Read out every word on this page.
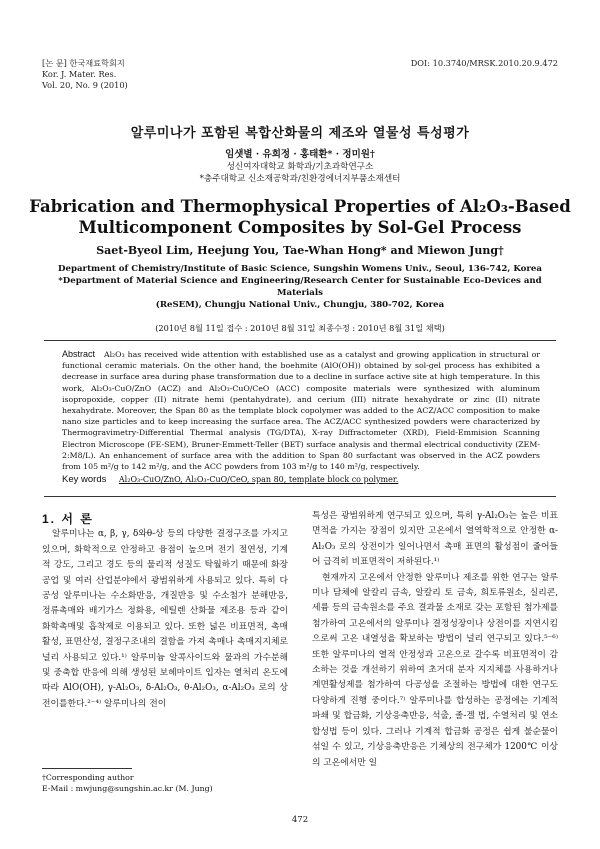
[논 문] 한국재료학회지
Kor. J. Mater. Res.
Vol. 20, No. 9 (2010)
DOI: 10.3740/MRSK.2010.20.9.472
알루미나가 포함된 복합산화물의 제조와 열물성 특성평가
임샛별 · 유희정 · 홍태환* · 정미원†
성신여자대학교 화학과/기초과학연구소
*충주대학교 신소재공학과/친환경에너지부품소재센터
Fabrication and Thermophysical Properties of Al₂O₃-Based
Multicomponent Composites by Sol-Gel Process
Saet-Byeol Lim, Heejung You, Tae-Whan Hong* and Miewon Jung†
Department of Chemistry/Institute of Basic Science, Sungshin Womens Univ., Seoul, 136-742, Korea
*Department of Material Science and Engineering/Research Center for Sustainable Eco-Devices and Materials
(ReSEM), Chungju National Univ., Chungju, 380-702, Korea
(2010년 8월 11일 접수 : 2010년 8월 31일 최종수정 : 2010년 8월 31일 채택)
Abstract Al₂O₃ has received wide attention with established use as a catalyst and growing application in structural or functional ceramic materials. On the other hand, the boehmite (AlO(OH)) obtained by sol-gel process has exhibited a decrease in surface area during phase transformation due to a decline in surface active site at high temperature. In this work, Al₂O₃-CuO/ZnO (ACZ) and Al₂O₃-CuO/CeO (ACC) composite materials were synthesized with aluminum isopropoxide, copper (II) nitrate hemi (pentahydrate), and cerium (III) nitrate hexahydrate or zinc (II) nitrate hexahydrate. Moreover, the Span 80 as the template block copolymer was added to the ACZ/ACC composition to make nano size particles and to keep increasing the surface area. The ACZ/ACC synthesized powders were characterized by Thermogravimetry-Differential Thermal analysis (TG/DTA), X-ray Diffractometer (XRD), Field-Emmision Scanning Electron Microscope (FE-SEM), Bruner-Emmett-Teller (BET) surface analysis and thermal electrical conductivity (ZEM-2:M8/L). An enhancement of surface area with the addition to Span 80 surfactant was observed in the ACZ powders from 105 m²/g to 142 m²/g, and the ACC powders from 103 m²/g to 140 m²/g, respectively.
Key words Al₂O₃-CuO/ZnO, Al₂O₃-CuO/CeO, span 80, template block co polymer.

1. 서 론

알루미나는 α, β, γ, δ와θ-상 등의 다양한 결정구조를 가지고 있으며, 화학적으로 안정하고 융점이 높으며 전기 절연성, 기계적 강도, 그리고 경도 등의 물리적 성질도 탁월하기 때문에 화장 공업 및 여러 산업분야에서 광범위하게 사용되고 있다. 특히 다공성 알루미나는 수소화반응, 개질반응 및 수소첨가 분해반응, 정류촉매와 배기가스 정화용, 에틸렌 산화물 제조용 등과 같이 화학촉매및 흡착제로 이용되고 있다. 또한 넓은 비표면적, 촉매 활성, 표면산성, 결정구조내의 결함을 가져 촉매나 촉매지지체로 널리 사용되고 있다.¹⁾ 알루미늄 알콕사이드와 물과의 가수분해 및 중축합 반응에 의해 생성된 보헤마이트 입자는 열처리 온도에 따라 AlO(OH), γ-Al₂O₃, δ-Al₂O₃, θ-Al₂O₃, α-Al₂O₃ 로의 상전이를한다.²⁻⁴⁾ 알루미나의 전이

특성은 광범위하게 연구되고 있으며, 특히 γ-Al₂O₃는 높은 비표면적을 가지는 장점이 있지만 고온에서 열역학적으로 안정한 α-Al₂O₃ 로의 상전이가 일어나면서 촉매 표면의 활성점이 줄어들어 급격히 비표면적이 저하된다.¹⁾

현재까지 고온에서 안정한 알루미나 제조를 위한 연구는 알루미나 담체에 알칼리 금속, 알칼리 토 금속, 희토류원소, 실리콘, 세륨 등의 금속원소를 주요 결과물 소재로 갖는 포함된 첨가제를 첨가하여 고온에서의 알루미나 결정성장이나 상전이를 지연시킴으로써 고온 내열성을 확보하는 방법이 널리 연구되고 있다.⁵⁻⁶⁾ 또한 알루미나의 열적 안정성과 고온으로 갈수록 비표면적이 감소하는 것을 개선하기 위하여 초거대 분자 지지체를 사용하거나 계면활성제를 첨가하여 다공성을 조절하는 방법에 대한 연구도 다양하게 진행 중이다.⁷⁾ 알루미나를 합성하는 공정에는 기계적 파쇄 및 합금화, 기상응축반응, 석출, 졸-겔 법, 수열처리 및 연소합성법 등이 있다. 그러나 기계적 합금화 공정은 쉽게 불순물이 섞일 수 있고, 기상응축반응은 기체상의 전구체가 1200℃ 이상의 고온에서만 일

†Corresponding author
E-Mail : mwjung@sungshin.ac.kr (M. Jung)
472
